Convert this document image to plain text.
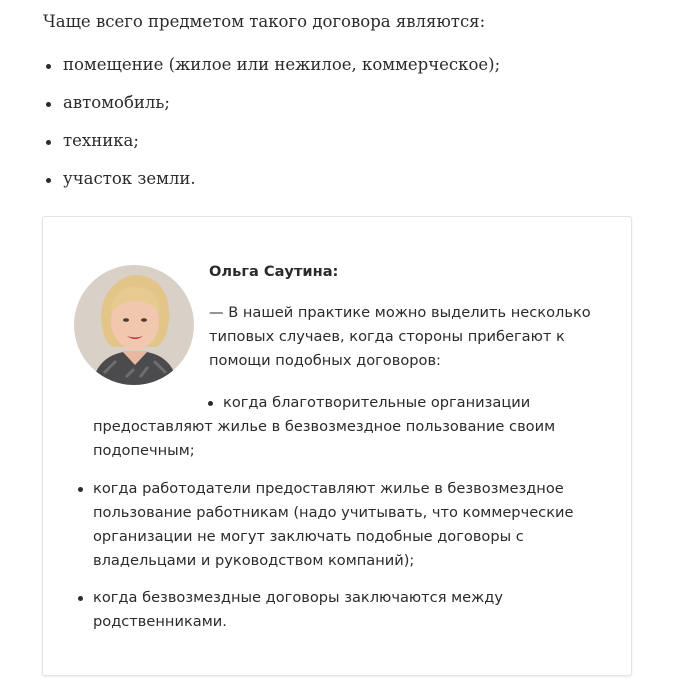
Чаще всего предметом такого договора являются:

помещение (жилое или нежилое, коммерческое);
автомобиль;
техника;
участок земли.

Ольга Саутина:

— В нашей практике можно выделить несколько типовых случаев, когда стороны прибегают к помощи подобных договоров:

когда благотворительные организации предоставляют жилье в безвозмездное пользование своим подопечным;

когда работодатели предоставляют жилье в безвозмездное пользование работникам (надо учитывать, что коммерческие организации не могут заключать подобные договоры с владельцами и руководством компаний);
когда безвозмездные договоры заключаются между родственниками.
